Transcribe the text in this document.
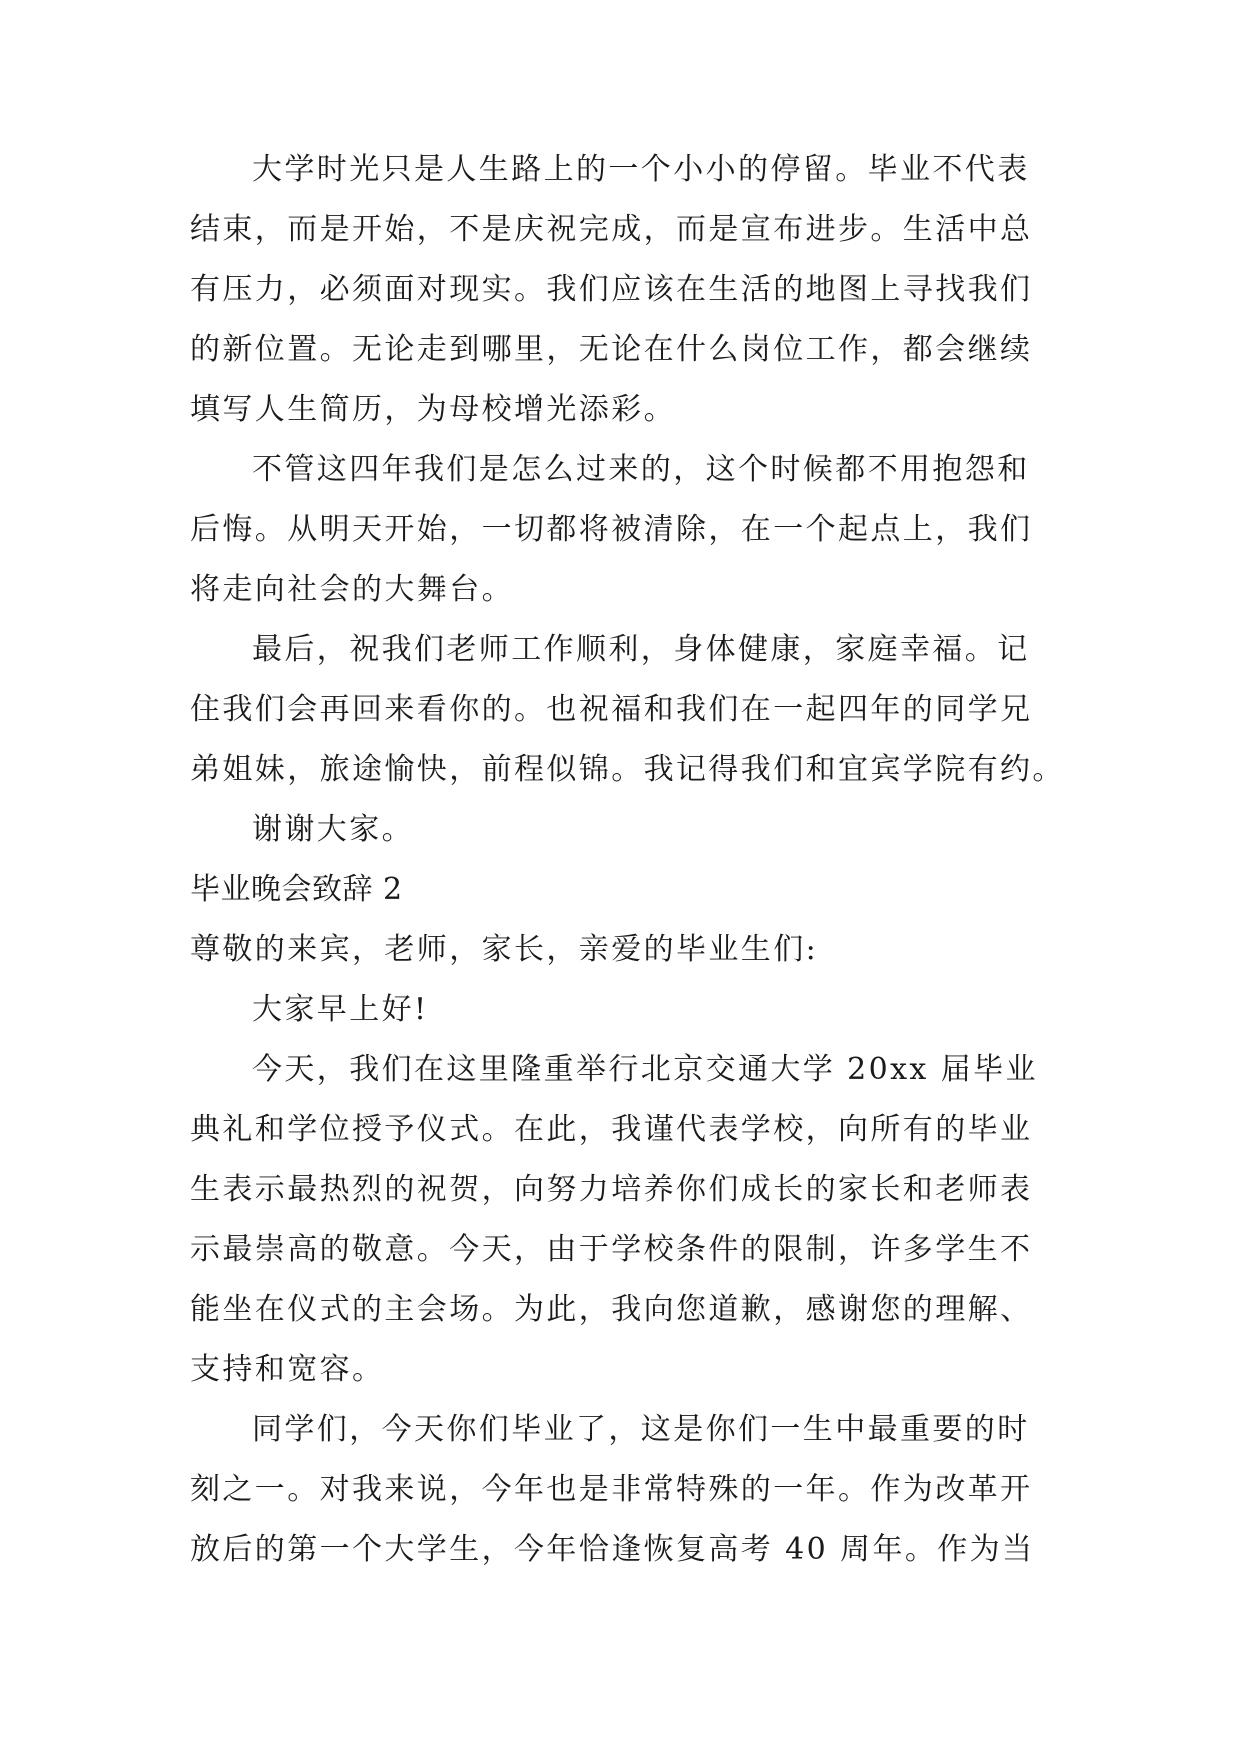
大学时光只是人生路上的一个小小的停留。毕业不代表
结束，而是开始，不是庆祝完成，而是宣布进步。生活中总
有压力，必须面对现实。我们应该在生活的地图上寻找我们
的新位置。无论走到哪里，无论在什么岗位工作，都会继续
填写人生简历，为母校增光添彩。

不管这四年我们是怎么过来的，这个时候都不用抱怨和
后悔。从明天开始，一切都将被清除，在一个起点上，我们
将走向社会的大舞台。

最后，祝我们老师工作顺利，身体健康，家庭幸福。记
住我们会再回来看你的。也祝福和我们在一起四年的同学兄
弟姐妹，旅途愉快，前程似锦。我记得我们和宜宾学院有约。

谢谢大家。

毕业晚会致辞 2

尊敬的来宾，老师，家长，亲爱的毕业生们:

大家早上好!

今天，我们在这里隆重举行北京交通大学 20xx 届毕业
典礼和学位授予仪式。在此，我谨代表学校，向所有的毕业
生表示最热烈的祝贺，向努力培养你们成长的家长和老师表
示最崇高的敬意。今天，由于学校条件的限制，许多学生不
能坐在仪式的主会场。为此，我向您道歉，感谢您的理解、
支持和宽容。

同学们，今天你们毕业了，这是你们一生中最重要的时
刻之一。对我来说，今年也是非常特殊的一年。作为改革开
放后的第一个大学生，今年恰逢恢复高考 40 周年。作为当
